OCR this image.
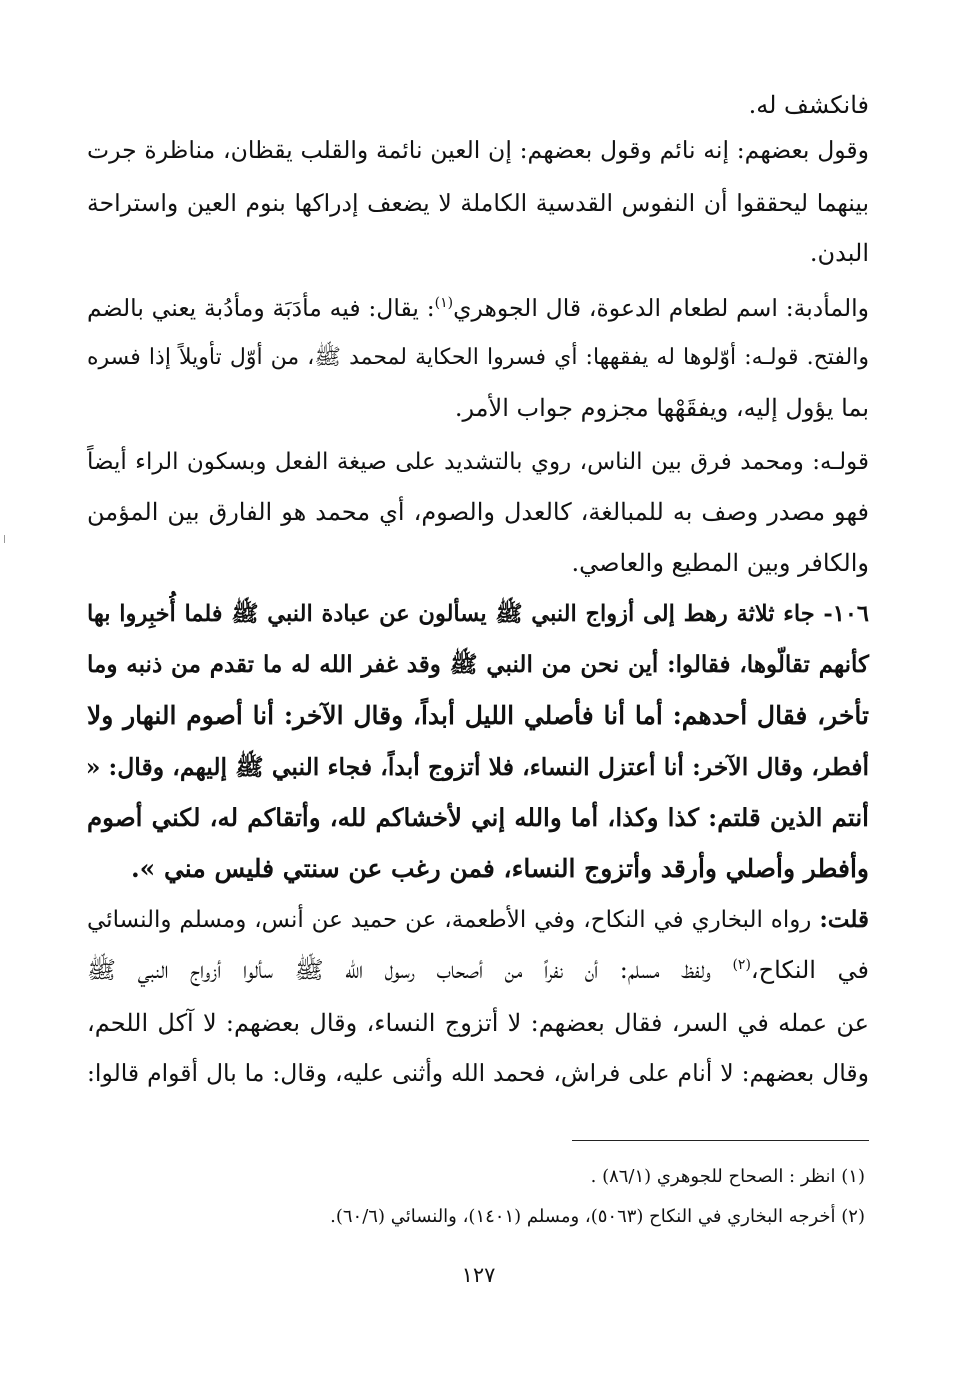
فانكشف له.
وقول بعضهم: إنه نائم وقول بعضهم: إن العين نائمة والقلب يقظان، مناظرة جرت
بينهما ليحققوا أن النفوس القدسية الكاملة لا يضعف إدراكها بنوم العين واستراحة
البدن.
والمأدبة: اسم لطعام الدعوة، قال الجوهري$^{(١)}$: يقال: فيه مأدَبَة ومأدُبة يعني بالضم
والفتح. قولـه: أوّلوها له يفقهها: أي فسروا الحكاية لمحمد ﷺ، من أوّل تأويلاً إذا فسره
بما يؤول إليه، ويفقَهْها مجزوم جواب الأمر.
قولـه: ومحمد فرق بين الناس، روي بالتشديد على صيغة الفعل وبسكون الراء أيضاً
فهو مصدر وصف به للمبالغة، كالعدل والصوم، أي محمد هو الفارق بين المؤمن
والكافر وبين المطيع والعاصي.
١٠٦- جاء ثلاثة رهط إلى أزواج النبي ﷺ يسألون عن عبادة النبي ﷺ فلما أُخبِروا بها
كأنهم تقالّوها، فقالوا: أين نحن من النبي ﷺ وقد غفر الله له ما تقدم من ذنبه وما
تأخر، فقال أحدهم: أما أنا فأصلي الليل أبداً، وقال الآخر: أنا أصوم النهار ولا
أفطر، وقال الآخر: أنا أعتزل النساء، فلا أتزوج أبداً، فجاء النبي ﷺ إليهم، وقال: «
أنتم الذين قلتم: كذا وكذا، أما والله إني لأخشاكم لله، وأتقاكم له، لكني أصوم
وأفطر وأصلي وأرقد وأتزوج النساء، فمن رغب عن سنتي فليس مني ».
قلت: رواه البخاري في النكاح، وفي الأطعمة، عن حميد عن أنس، ومسلم والنسائي
في النكاح،$^{(٢)}$ ولفظ مسلم: أن نفراً من أصحاب رسول الله ﷺ سألوا أزواج النبي ﷺ
عن عمله في السر، فقال بعضهم: لا أتزوج النساء، وقال بعضهم: لا آكل اللحم،
وقال بعضهم: لا أنام على فراش، فحمد الله وأثنى عليه، وقال: ما بال أقوام قالوا:
(١) انظر : الصحاح للجوهري (٨٦/١) .
(٢) أخرجه البخاري في النكاح (٥٠٦٣)، ومسلم (١٤٠١)، والنسائي (٦٠/٦).
١٢٧
